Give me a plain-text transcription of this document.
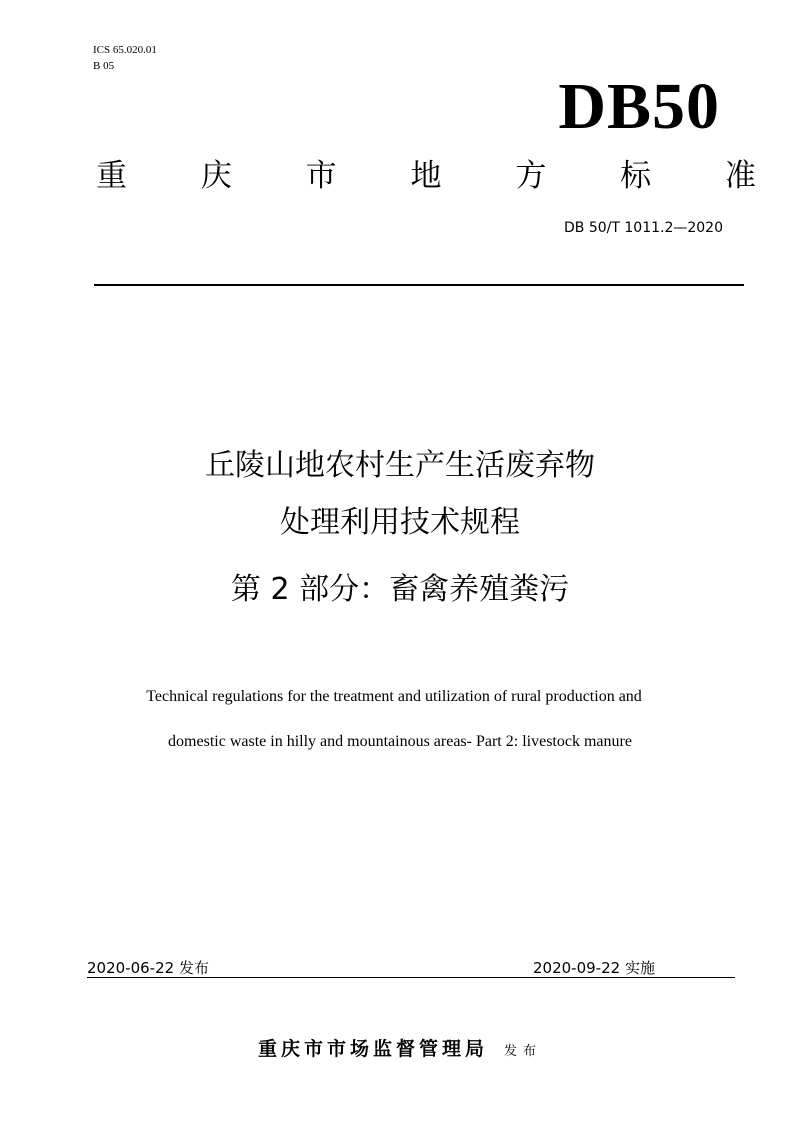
ICS 65.020.01
B 05
DB50
重 庆 市 地 方 标 准
DB 50/T 1011.2—2020
丘陵山地农村生产生活废弃物
处理利用技术规程
第 2 部分：畜禽养殖粪污
Technical regulations for the treatment and utilization of rural production and
domestic waste in hilly and mountainous areas- Part 2: livestock manure
2020-06-22 发布	2020-09-22 实施
重庆市市场监督管理局 发布
